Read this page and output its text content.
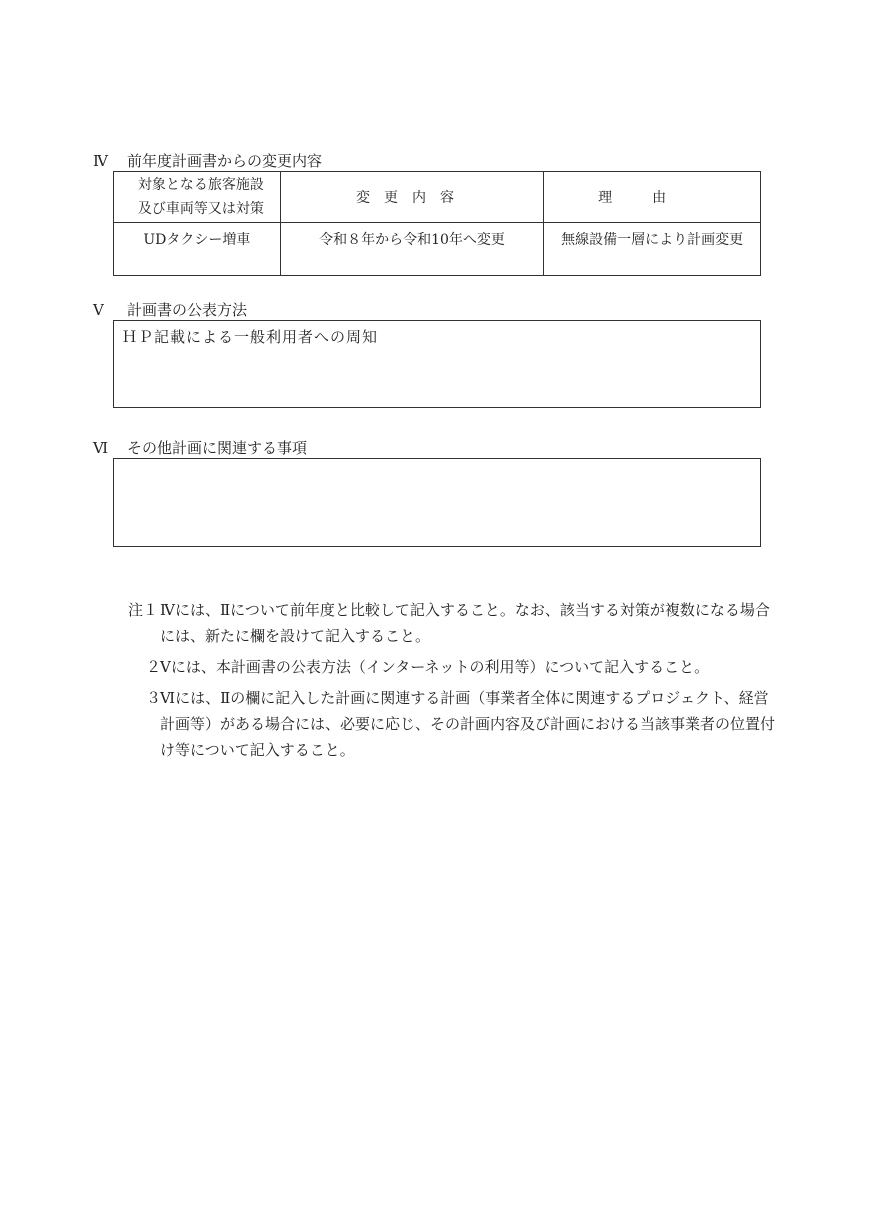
Ⅳ 前年度計画書からの変更内容
対象となる旅客施設
及び車両等又は対策	変更内容	理由
UDタクシー増車	令和８年から令和10年へ変更	無線設備一層により計画変更
Ⅴ 計画書の公表方法
ＨＰ記載による一般利用者への周知
Ⅵ その他計画に関連する事項
注１ Ⅳには、Ⅱについて前年度と比較して記入すること。なお、該当する対策が複数になる場合には、新たに欄を設けて記入すること。
２
Ⅴには、本計画書の公表方法（インターネットの利用等）について記入すること。
３
Ⅵには、Ⅱの欄に記入した計画に関連する計画（事業者全体に関連するプロジェクト、経営計画等）がある場合には、必要に応じ、その計画内容及び計画における当該事業者の位置付け等について記入すること。
